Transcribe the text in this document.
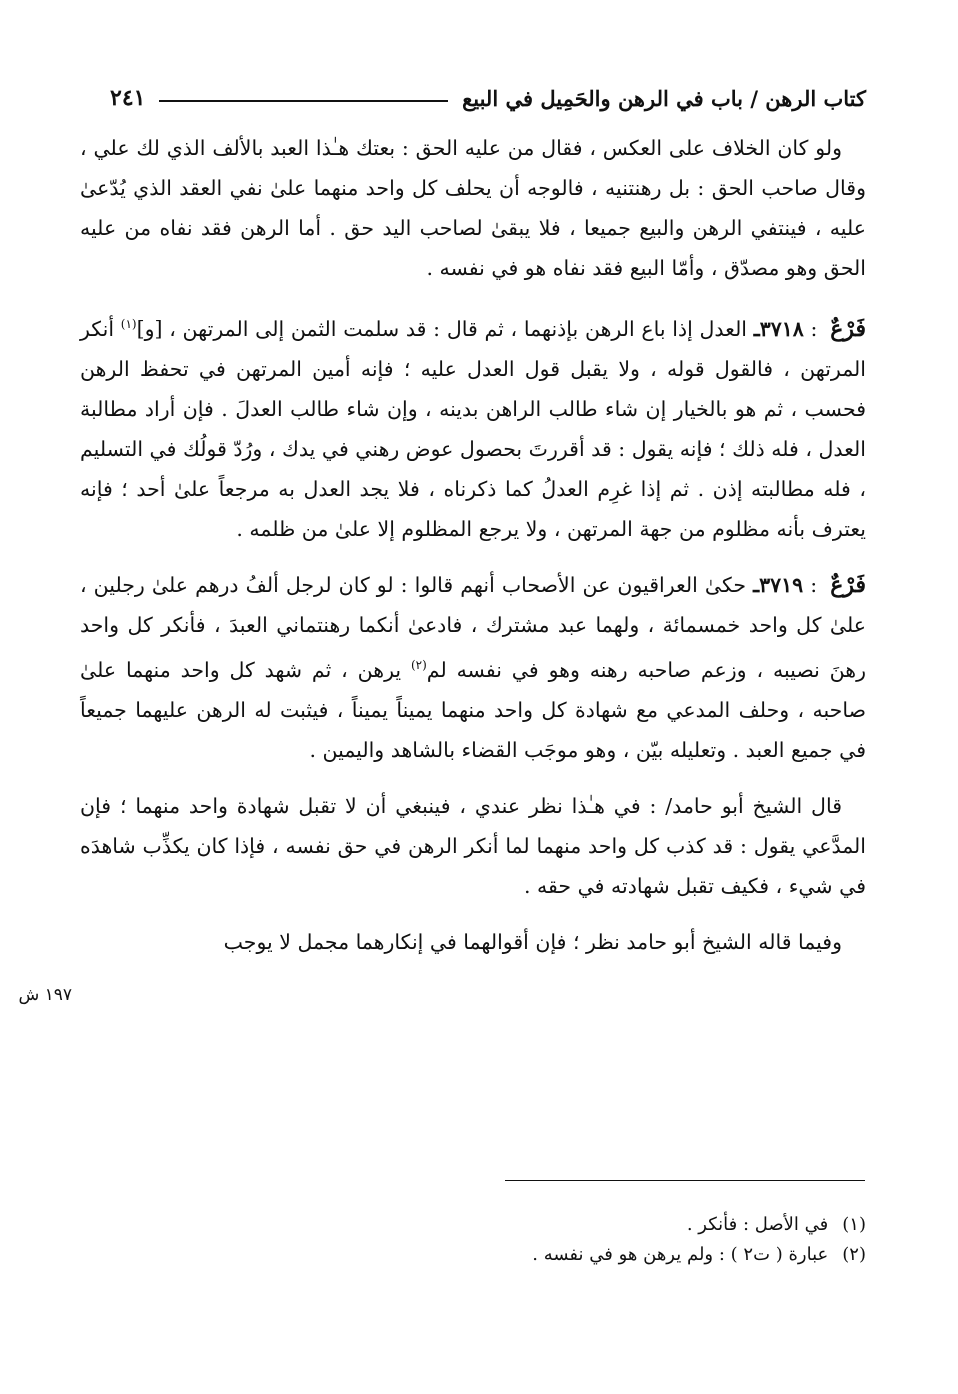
كتاب الرهن / باب في الرهن والحَمِيل في البيع
٢٤١
١٩٧ ش

ولو كان الخلاف على العكس ، فقال من عليه الحق : بعتك هـٰذا العبد بالألف الذي لك علي ، وقال صاحب الحق : بل رهنتنيه ، فالوجه أن يحلف كل واحد منهما علىٰ نفي العقد الذي يُدّعىٰ عليه ، فينتفي الرهن والبيع جميعا ، فلا يبقىٰ لصاحب اليد حق . أما الرهن فقد نفاه من عليه الحق وهو مصدّق ، وأمّا البيع فقد نفاه هو في نفسه .

فَرْعٌ : ٣٧١٨ـ العدل إذا باع الرهن بإذنهما ، ثم قال : قد سلمت الثمن إلى المرتهن ، [و]$^{(١)}$ أنكر المرتهن ، فالقول قوله ، ولا يقبل قول العدل عليه ؛ فإنه أمين المرتهن في تحفظ الرهن فحسب ، ثم هو بالخيار إن شاء طالب الراهن بدينه ، وإن شاء طالب العدلَ . فإن أراد مطالبة العدل ، فله ذلك ؛ فإنه يقول : قد أقررتَ بحصول عوض رهني في يدك ، ورُدّ قولُك في التسليم ، فله مطالبته إذن . ثم إذا غرِم العدلُ كما ذكرناه ، فلا يجد العدل به مرجعاً علىٰ أحد ؛ فإنه يعترف بأنه مظلوم من جهة المرتهن ، ولا يرجع المظلوم إلا علىٰ من ظلمه .

فَرْعٌ : ٣٧١٩ـ حكىٰ العراقيون عن الأصحاب أنهم قالوا : لو كان لرجل ألفُ درهم علىٰ رجلين ، علىٰ كل واحد خمسمائة ، ولهما عبد مشترك ، فادعىٰ أنكما رهنتماني العبدَ ، فأنكر كل واحد رهنَ نصيبه ، وزعم صاحبه رهنه وهو في نفسه لم$^{(٢)}$ يرهن ، ثم شهد كل واحد منهما علىٰ صاحبه ، وحلف المدعي مع شهادة كل واحد منهما يميناً يميناً ، فيثبت له الرهن عليهما جميعاً في جميع العبد . وتعليله بيّن ، وهو موجَب القضاء بالشاهد واليمين .

قال الشيخ أبو حامد/ : في هـٰذا نظر عندي ، فينبغي أن لا تقبل شهادة واحد منهما ؛ فإن المدَّعي يقول : قد كذب كل واحد منهما لما أنكر الرهن في حق نفسه ، فإذا كان يكذِّب شاهدَه في شيء ، فكيف تقبل شهادته في حقه .

وفيما قاله الشيخ أبو حامد نظر ؛ فإن أقوالهما في إنكارهما مجمل لا يوجب

(١)
في الأصل : فأنكر .
(٢)
عبارة ( ت٢ ) : ولم يرهن هو في نفسه .
